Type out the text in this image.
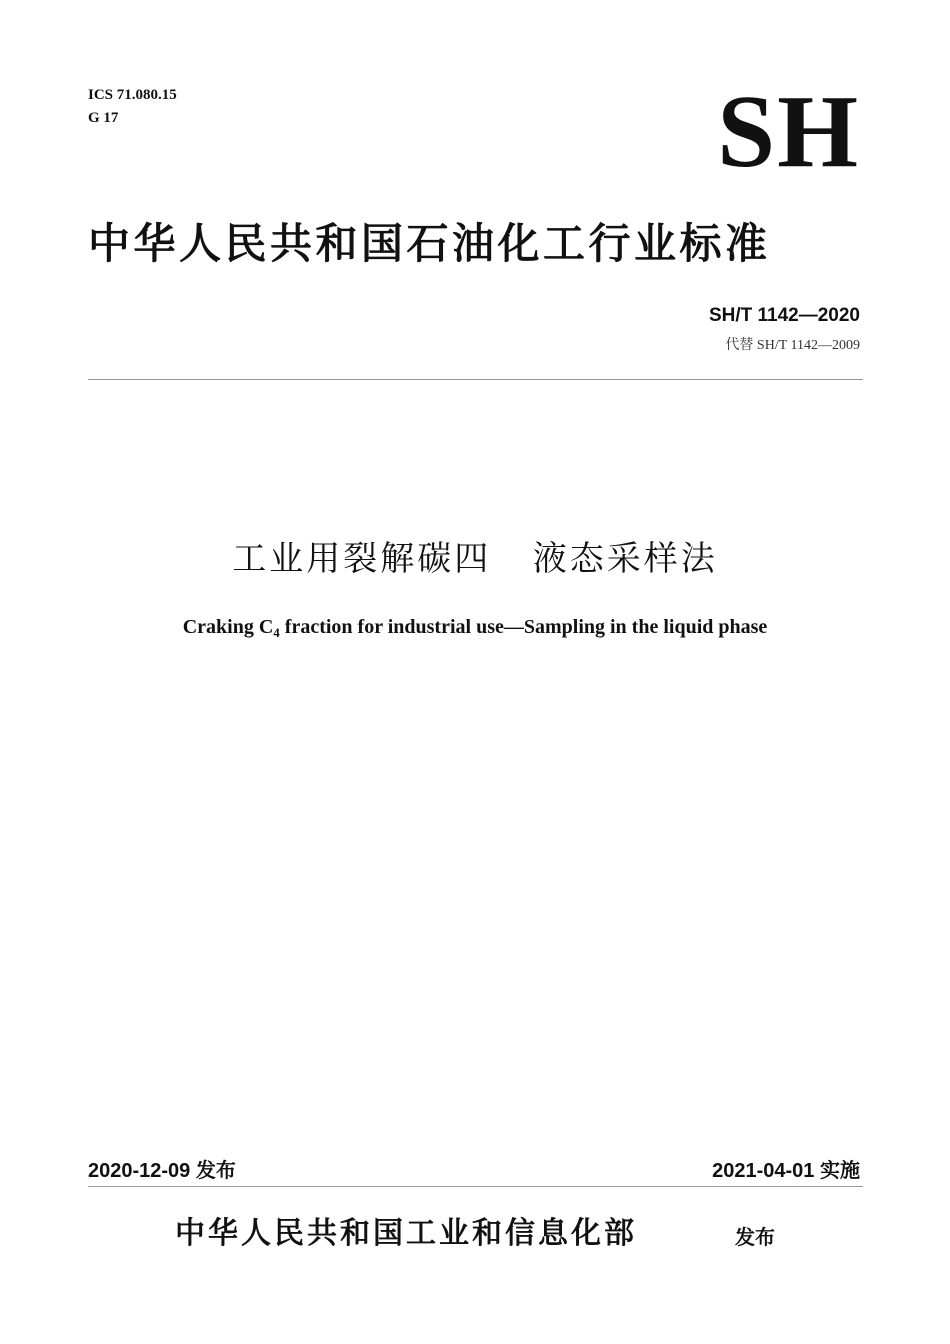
ICS 71.080.15
G 17	SH
中华人民共和国石油化工行业标准
SH/T 1142—2020
代替 SH/T 1142—2009
工业用裂解碳四   液态采样法
Craking $C_4$ fraction for industrial use—Sampling in the liquid phase
2020-12-09 发布	2021-04-01 实施
中华人民共和国工业和信息化部	发布
